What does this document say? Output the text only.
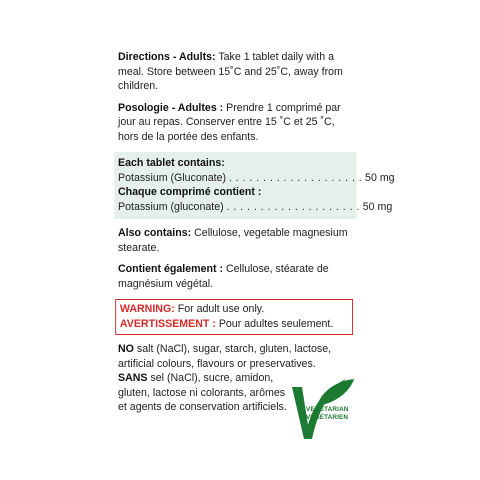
Directions - Adults: Take 1 tablet daily with a meal. Store between 15˚C and 25˚C, away from children.

Posologie - Adultes : Prendre 1 comprimé par jour au repas. Conserver entre 15 ˚C et 25 ˚C, hors de la portée des enfants.

Each tablet contains:
Potassium (Gluconate) . . . . . . . . . . . . . . . . . . . . 50 mg
Chaque comprimé contient :
Potassium (gluconate) . . . . . . . . . . . . . . . . . . . . 50 mg

Also contains: Cellulose, vegetable magnesium stearate.

Contient également : Cellulose, stéarate de magnésium végétal.

WARNING: For adult use only.
AVERTISSEMENT : Pour adultes seulement.

NO salt (NaCl), sugar, starch, gluten, lactose, artificial colours, flavours or preservatives.

SANS sel (NaCl), sucre, amidon, gluten, lactose ni colorants, arômes et agents de conservation artificiels.	VEGETARIAN
VÉGÉTARIEN
